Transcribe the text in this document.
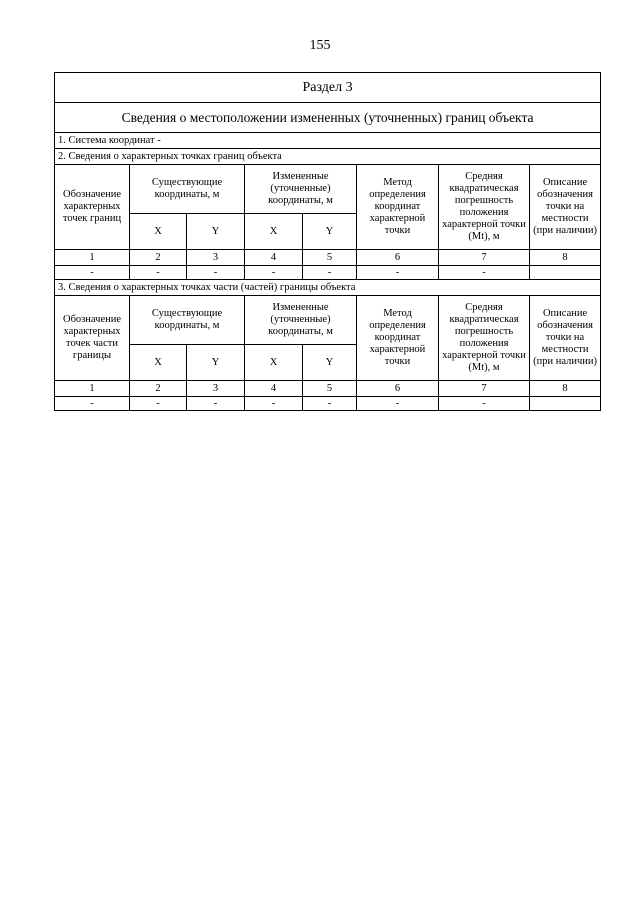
155
Раздел 3							
Сведения о местоположении измененных (уточненных) границ объекта							
1. Система координат -							
2. Сведения о характерных точках границ объекта							
Обозначение характерных точек границ	Существующие координаты, м		Измененные (уточненные) координаты, м		Метод определения координат характерной точки	Средняя квадратическая погрешность положения характерной точки (Mt), м	Описание обозначения точки на местности (при наличии)
	X	Y	X	Y			
1	2	3	4	5	6	7	8
-	-	-	-	-	-	-	
3. Сведения о характерных точках части (частей) границы объекта							
Обозначение характерных точек части границы	Существующие координаты, м		Измененные (уточненные) координаты, м		Метод определения координат характерной точки	Средняя квадратическая погрешность положения характерной точки (Mt), м	Описание обозначения точки на местности (при наличии)
	X	Y	X	Y			
1	2	3	4	5	6	7	8
-	-	-	-	-	-	-	
